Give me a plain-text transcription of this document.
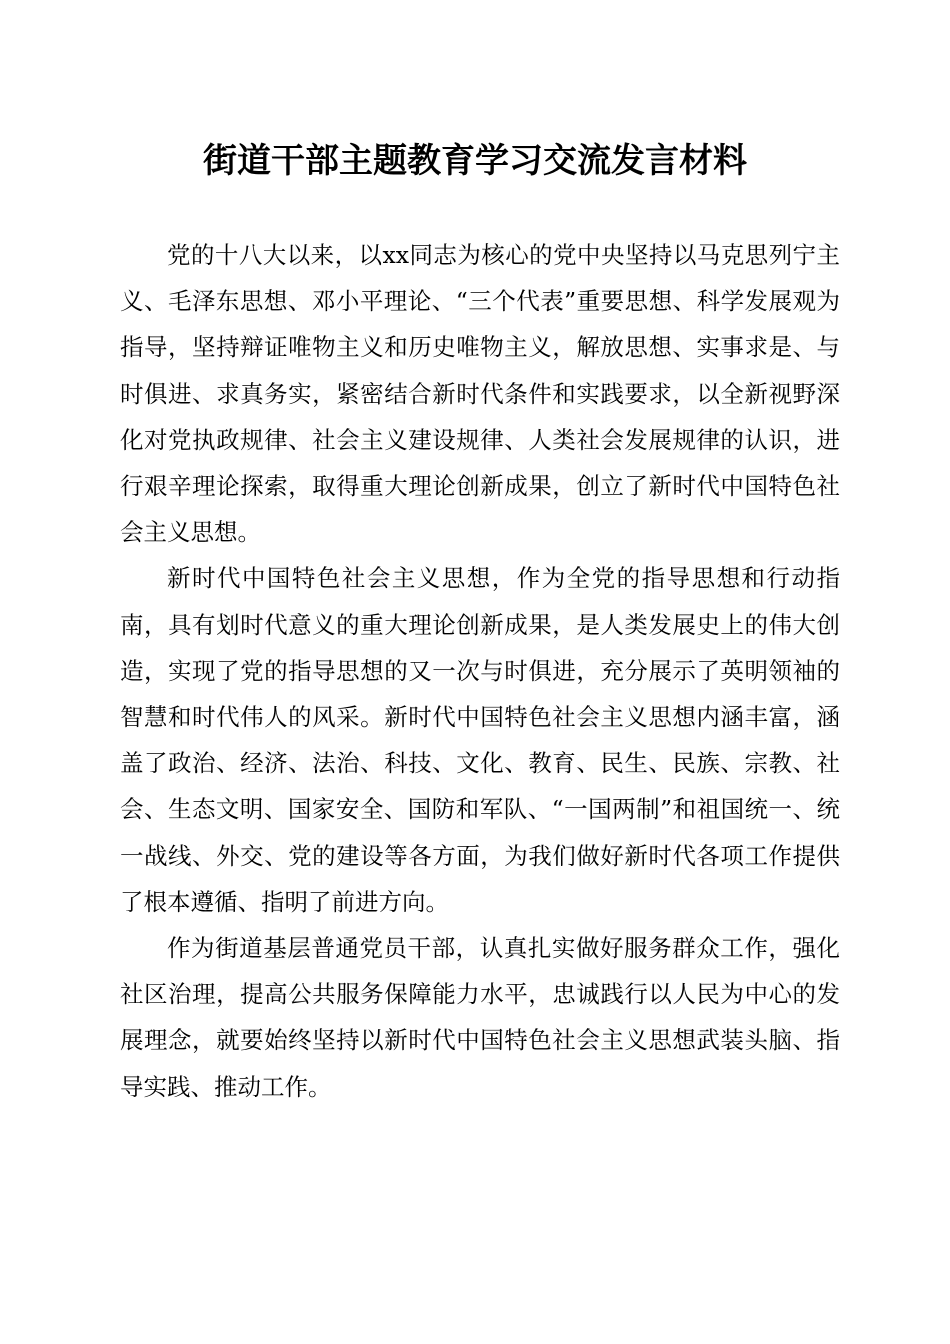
街道干部主题教育学习交流发言材料

党的十八大以来，以xx同志为核心的党中央坚持以马克思列宁主义、毛泽东思想、邓小平理论、“三个代表”重要思想、科学发展观为指导，坚持辩证唯物主义和历史唯物主义，解放思想、实事求是、与时俱进、求真务实，紧密结合新时代条件和实践要求，以全新视野深化对党执政规律、社会主义建设规律、人类社会发展规律的认识，进行艰辛理论探索，取得重大理论创新成果，创立了新时代中国特色社会主义思想。

新时代中国特色社会主义思想，作为全党的指导思想和行动指南，具有划时代意义的重大理论创新成果，是人类发展史上的伟大创造，实现了党的指导思想的又一次与时俱进，充分展示了英明领袖的智慧和时代伟人的风采。新时代中国特色社会主义思想内涵丰富，涵盖了政治、经济、法治、科技、文化、教育、民生、民族、宗教、社会、生态文明、国家安全、国防和军队、“一国两制”和祖国统一、统一战线、外交、党的建设等各方面，为我们做好新时代各项工作提供了根本遵循、指明了前进方向。

作为街道基层普通党员干部，认真扎实做好服务群众工作，强化社区治理，提高公共服务保障能力水平，忠诚践行以人民为中心的发展理念，就要始终坚持以新时代中国特色社会主义思想武装头脑、指导实践、推动工作。
